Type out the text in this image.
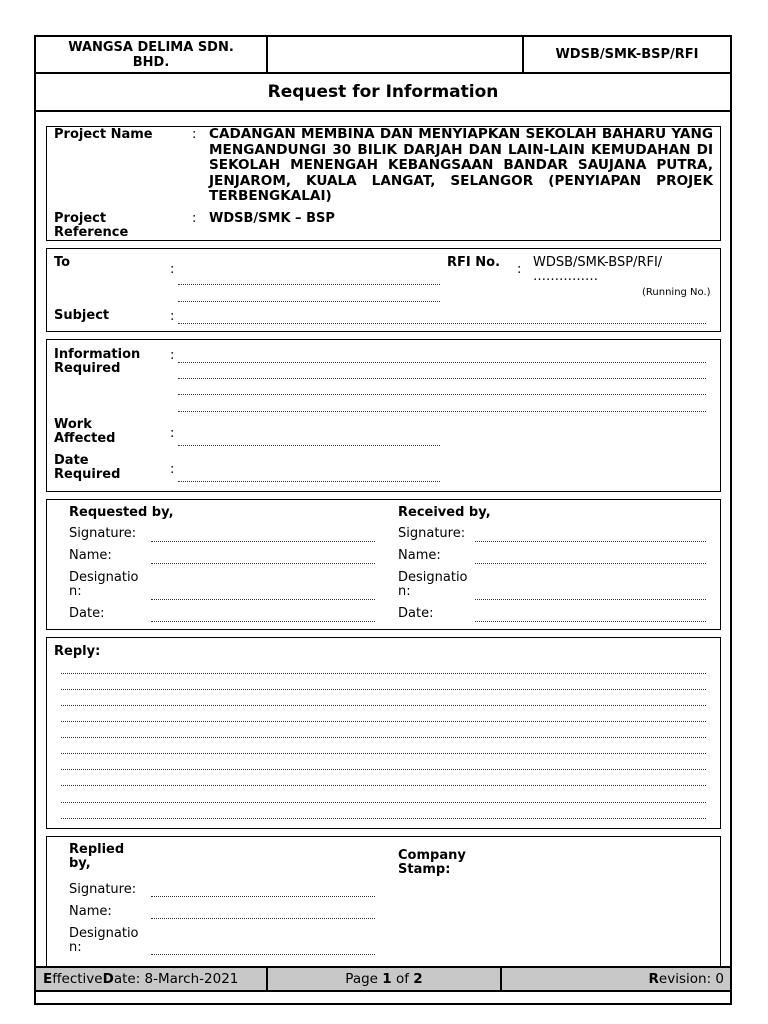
WANGSA DELIMA SDN. BHD.	WDSB/SMK-BSP/RFI
Request for Information
Project Name	: CADANGAN MEMBINA DAN MENYIAPKAN SEKOLAH BAHARU YANG MENGANDUNGI 30 BILIK DARJAH DAN LAIN-LAIN KEMUDAHAN DI SEKOLAH MENENGAH KEBANGSAAN BANDAR SAUJANA PUTRA, JENJAROM, KUALA LANGAT, SELANGOR (PENYIAPAN PROJEK TERBENGKALAI)
Project Reference
: WDSB/SMK – BSP
To	:	RFI No. : WDSB/SMK-BSP/RFI/
……………
(Running No.)
Subject	:
Information Required
:
Work Affected	:
Date Required	:
Requested by,
Signature:
Name:
Designation:
Date:
Received by,
Signature:
Name:
Designation:
Date:
Reply:
Replied by,
Signature:
Name:
Designation:
Company Stamp:
E ffective D ate: 8-March-2021	Page 1 of 2	R evision: 0
